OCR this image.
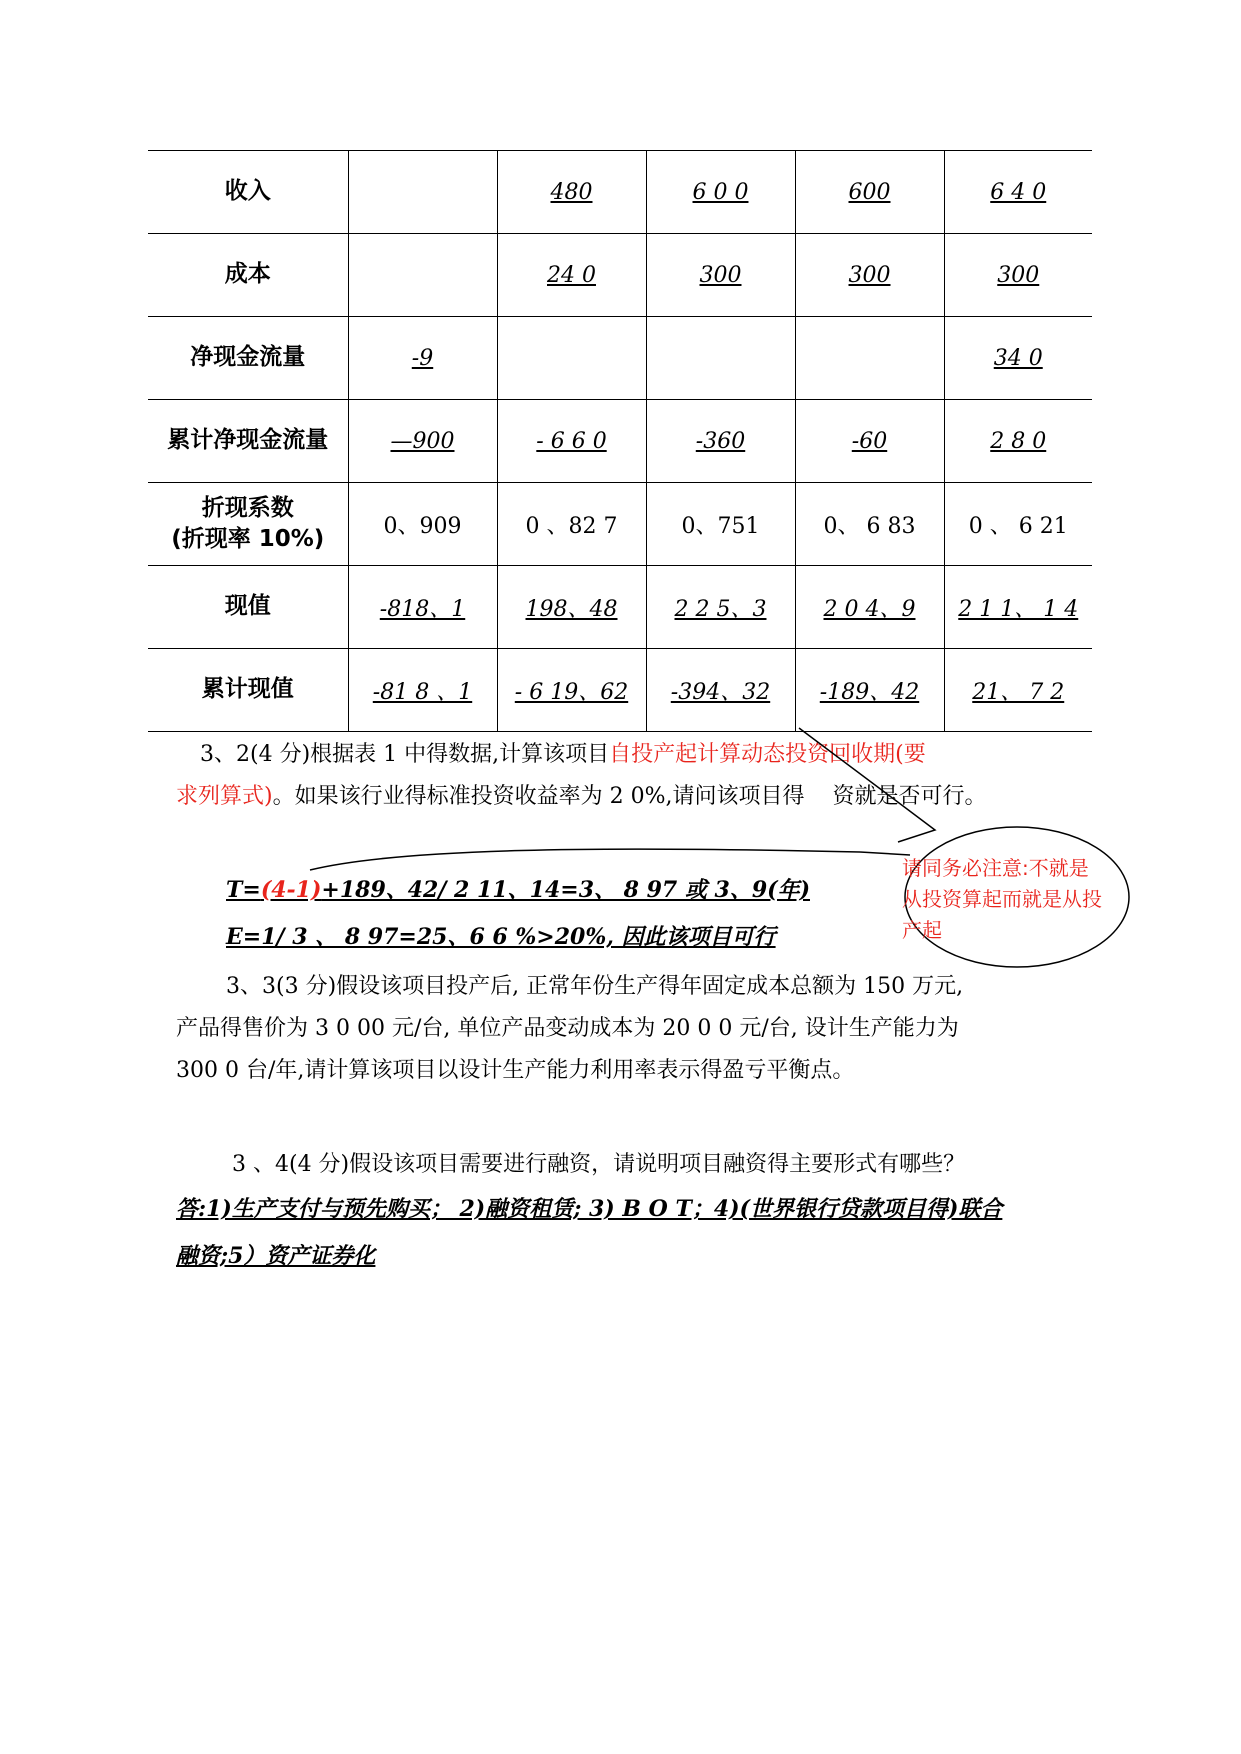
收入		480	6 0 0	600	6 4 0
成本		24 0	300	300	300
净现金流量	-9				34 0
累计净现金流量	—900	- 6 6 0	-360	-60	2 8 0
折现系数
(折现率 10%)	0、909	0 、82 7	0、751	0、 6 83	0 、 6 21
现值	-818、1	198、48	2 2 5、3	2 0 4、9	2 1 1、 1 4
累计现值	-81 8 、1	- 6 19、62	-394、32	-189、42	21、 7 2
3、2(4 分)根据表 1 中得数据,计算该项目自投产起计算动态投资回收期(要
求列算式)。如果该行业得标准投资收益率为 2 0%,请问该项目得 资就是否可行。
T=(4-1)+189、42/ 2 11、14=3、 8 97 或 3、9(年)
E=1/ 3 、 8 97=25、6 6 %>20%, 因此该项目可行
请同务必注意:不就是从投资算起而就是从投产起
3、3(3 分)假设该项目投产后, 正常年份生产得年固定成本总额为 150 万元,
产品得售价为 3 0 00 元/台, 单位产品变动成本为 20 0 0 元/台, 设计生产能力为
300 0 台/年,请计算该项目以设计生产能力利用率表示得盈亏平衡点。
3 、4(4 分)假设该项目需要进行融资，请说明项目融资得主要形式有哪些？
答:1)生产支付与预先购买； 2)融资租赁; 3) B O T；4)(世界银行贷款项目得)联合
融资;5）资产证券化
